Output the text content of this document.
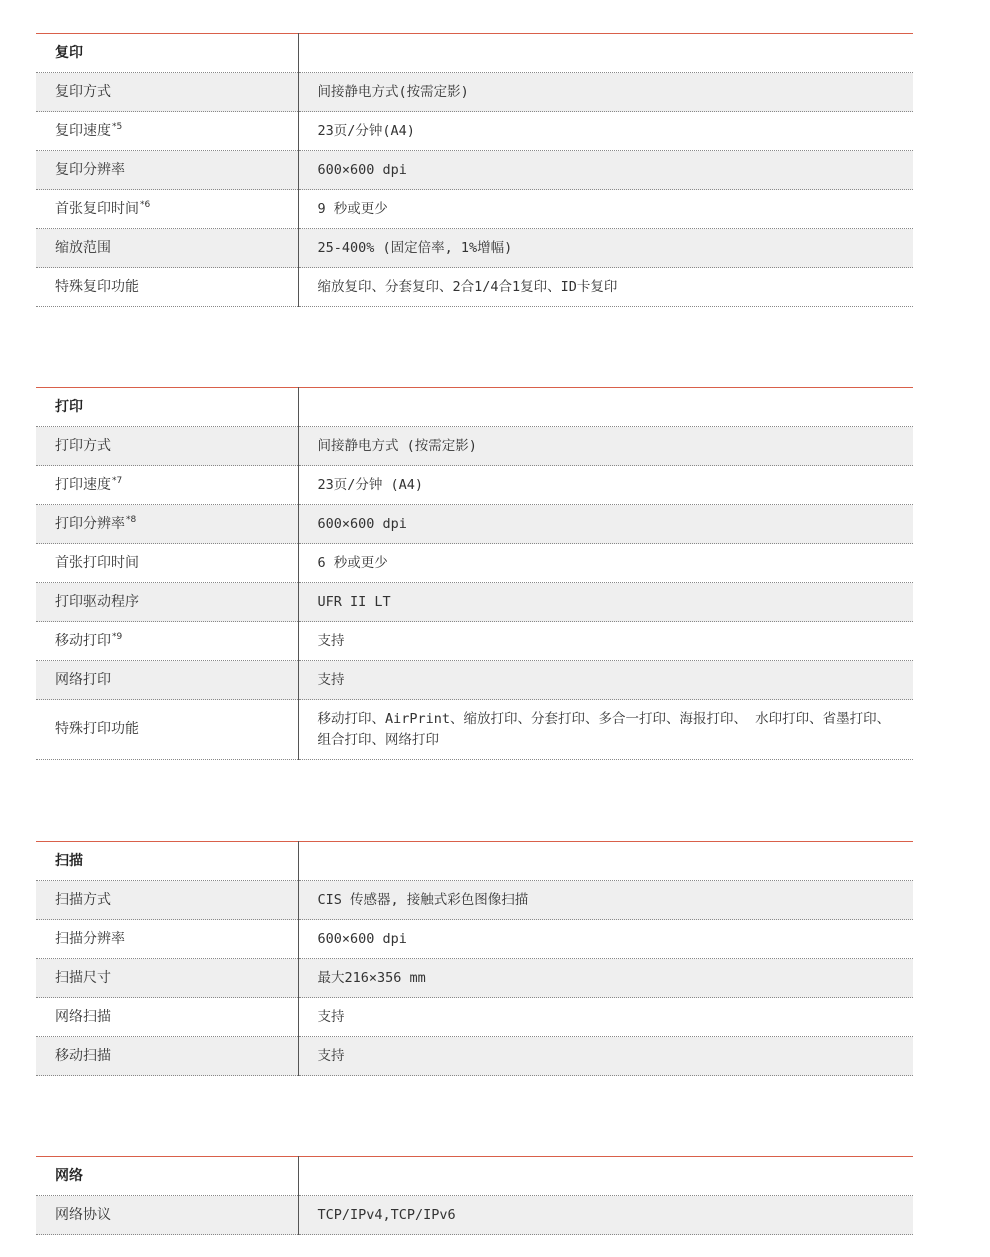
复印	
复印方式	间接静电方式(按需定影)
复印速度$^{*5}$	23页/分钟(A4)
复印分辨率	600×600 dpi
首张复印时间$^{*6}$	9 秒或更少
缩放范围	25-400% (固定倍率, 1%增幅)
特殊复印功能	缩放复印、分套复印、2合1/4合1复印、ID卡复印
打印	
打印方式	间接静电方式 (按需定影)
打印速度$^{*7}$	23页/分钟 (A4)
打印分辨率$^{*8}$	600×600 dpi
首张打印时间	6 秒或更少
打印驱动程序	UFR II LT
移动打印$^{*9}$	支持
网络打印	支持
特殊打印功能	移动打印、AirPrint、缩放打印、分套打印、多合一打印、海报打印、 水印打印、省墨打印、组合打印、网络打印
扫描	
扫描方式	CIS 传感器, 接触式彩色图像扫描
扫描分辨率	600×600 dpi
扫描尺寸	最大216×356 mm
网络扫描	支持
移动扫描	支持
网络	
网络协议	TCP/IPv4,TCP/IPv6
